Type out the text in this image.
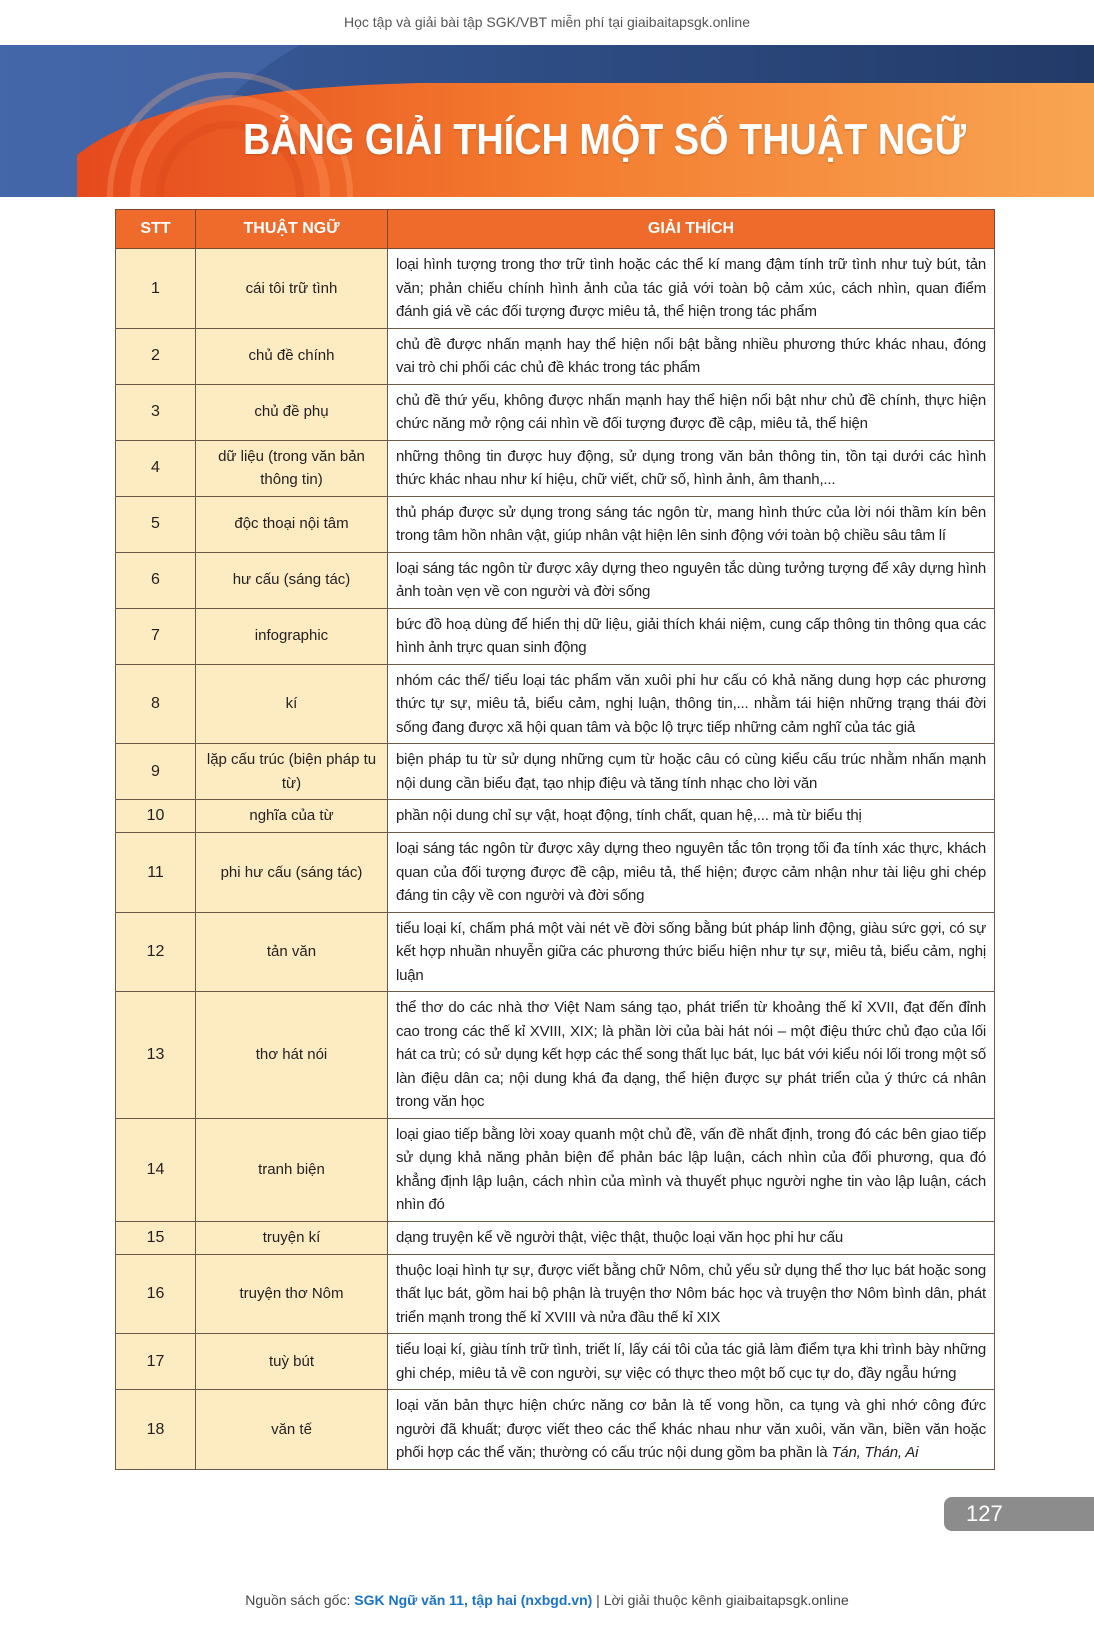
Học tập và giải bài tập SGK/VBT miễn phí tại giaibaitapsgk.online
BẢNG GIẢI THÍCH MỘT SỐ THUẬT NGỮ
STT	THUẬT NGỮ	GIẢI THÍCH
1	cái tôi trữ tình	loại hình tượng trong thơ trữ tình hoặc các thể kí mang đậm tính trữ tình như tuỳ bút, tản văn; phản chiếu chính hình ảnh của tác giả với toàn bộ cảm xúc, cách nhìn, quan điểm đánh giá về các đối tượng được miêu tả, thể hiện trong tác phẩm
2	chủ đề chính	chủ đề được nhấn mạnh hay thể hiện nổi bật bằng nhiều phương thức khác nhau, đóng vai trò chi phối các chủ đề khác trong tác phẩm
3	chủ đề phụ	chủ đề thứ yếu, không được nhấn mạnh hay thể hiện nổi bật như chủ đề chính, thực hiện chức năng mở rộng cái nhìn về đối tượng được đề cập, miêu tả, thể hiện
4	dữ liệu (trong văn bản thông tin)	những thông tin được huy động, sử dụng trong văn bản thông tin, tồn tại dưới các hình thức khác nhau như kí hiệu, chữ viết, chữ số, hình ảnh, âm thanh,...
5	độc thoại nội tâm	thủ pháp được sử dụng trong sáng tác ngôn từ, mang hình thức của lời nói thầm kín bên trong tâm hồn nhân vật, giúp nhân vật hiện lên sinh động với toàn bộ chiều sâu tâm lí
6	hư cấu (sáng tác)	loại sáng tác ngôn từ được xây dựng theo nguyên tắc dùng tưởng tượng để xây dựng hình ảnh toàn vẹn về con người và đời sống
7	infographic	bức đồ hoạ dùng để hiển thị dữ liệu, giải thích khái niệm, cung cấp thông tin thông qua các hình ảnh trực quan sinh động
8	kí	nhóm các thể/ tiểu loại tác phẩm văn xuôi phi hư cấu có khả năng dung hợp các phương thức tự sự, miêu tả, biểu cảm, nghị luận, thông tin,... nhằm tái hiện những trạng thái đời sống đang được xã hội quan tâm và bộc lộ trực tiếp những cảm nghĩ của tác giả
9	lặp cấu trúc (biện pháp tu từ)	biện pháp tu từ sử dụng những cụm từ hoặc câu có cùng kiểu cấu trúc nhằm nhấn mạnh nội dung cần biểu đạt, tạo nhịp điệu và tăng tính nhạc cho lời văn
10	nghĩa của từ	phần nội dung chỉ sự vật, hoạt động, tính chất, quan hệ,... mà từ biểu thị
11	phi hư cấu (sáng tác)	loại sáng tác ngôn từ được xây dựng theo nguyên tắc tôn trọng tối đa tính xác thực, khách quan của đối tượng được đề cập, miêu tả, thể hiện; được cảm nhận như tài liệu ghi chép đáng tin cậy về con người và đời sống
12	tản văn	tiểu loại kí, chấm phá một vài nét về đời sống bằng bút pháp linh động, giàu sức gợi, có sự kết hợp nhuần nhuyễn giữa các phương thức biểu hiện như tự sự, miêu tả, biểu cảm, nghị luận
13	thơ hát nói	thể thơ do các nhà thơ Việt Nam sáng tạo, phát triển từ khoảng thế kỉ XVII, đạt đến đỉnh cao trong các thế kỉ XVIII, XIX; là phần lời của bài hát nói – một điệu thức chủ đạo của lối hát ca trù; có sử dụng kết hợp các thể song thất lục bát, lục bát với kiểu nói lối trong một số làn điệu dân ca; nội dung khá đa dạng, thể hiện được sự phát triển của ý thức cá nhân trong văn học
14	tranh biện	loại giao tiếp bằng lời xoay quanh một chủ đề, vấn đề nhất định, trong đó các bên giao tiếp sử dụng khả năng phản biện để phản bác lập luận, cách nhìn của đối phương, qua đó khẳng định lập luận, cách nhìn của mình và thuyết phục người nghe tin vào lập luận, cách nhìn đó
15	truyện kí	dạng truyện kể về người thật, việc thật, thuộc loại văn học phi hư cấu
16	truyện thơ Nôm	thuộc loại hình tự sự, được viết bằng chữ Nôm, chủ yếu sử dụng thể thơ lục bát hoặc song thất lục bát, gồm hai bộ phận là truyện thơ Nôm bác học và truyện thơ Nôm bình dân, phát triển mạnh trong thế kỉ XVIII và nửa đầu thế kỉ XIX
17	tuỳ bút	tiểu loại kí, giàu tính trữ tình, triết lí, lấy cái tôi của tác giả làm điểm tựa khi trình bày những ghi chép, miêu tả về con người, sự việc có thực theo một bố cục tự do, đầy ngẫu hứng
18	văn tế	loại văn bản thực hiện chức năng cơ bản là tế vong hồn, ca tụng và ghi nhớ công đức người đã khuất; được viết theo các thể khác nhau như văn xuôi, văn vần, biền văn hoặc phối hợp các thể văn; thường có cấu trúc nội dung gồm ba phần là Tán, Thán, Ai
127
Nguồn sách gốc: SGK Ngữ văn 11, tập hai (nxbgd.vn) | Lời giải thuộc kênh giaibaitapsgk.online
